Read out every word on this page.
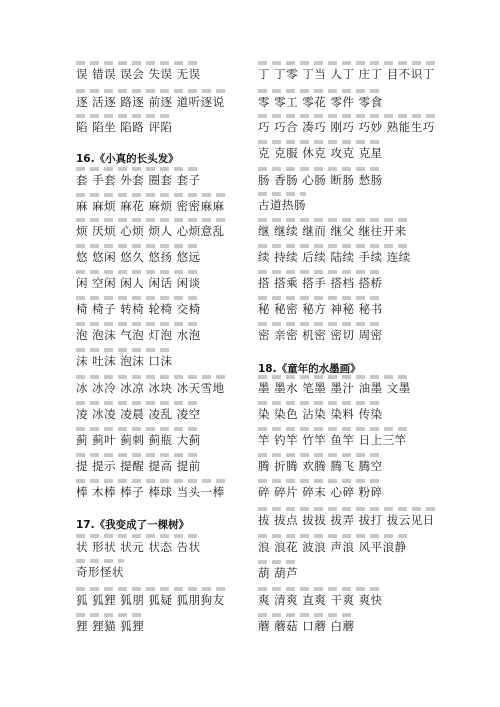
误 错误 误会 失误 无误
逐 活逐 路逐 前逐 道听逐说
陷 陷坐 陷路 评陷
16.《小真的长头发》
套 手套 外套 圈套 套子
麻 麻烦 麻花 麻烦 密密麻麻
烦 厌烦 心烦 烦人 心烦意乱
悠 悠闲 悠久 悠扬 悠远
闲 空闲 闲人 闲话 闲谈
椅 椅子 转椅 轮椅 交椅
泡 泡沫 气泡 灯泡 水泡
沫 吐沫 泡沫 口沫
冰 冰冷 冰凉 冰块 冰天雪地
凌 冰凌 凌晨 凌乱 凌空
蓟 蓟叶 蓟刺 蓟瓶 大蓟
提 提示 提醒 提高 提前
棒 木棒 棒子 棒球 当头一棒
17.《我变成了一棵树》
状 形状 状元 状态 告状
奇形怪状
狐 狐狸 狐朋 狐疑 狐朋狗友
狸 狸猫 狐狸
丁 丁零 丁当 人丁 庄丁 目不识丁
零 零工 零花 零件 零食
巧 巧合 凑巧 刚巧 巧妙 熟能生巧
克 克服 休克 攻克 克星
肠 香肠 心肠 断肠 愁肠
古道热肠
继 继续 继而 继父 继往开来
续 持续 后续 陆续 手续 连续
搭 搭乘 搭手 搭档 搭桥
秘 秘密 秘方 神秘 秘书
密 亲密 机密 密切 周密
18.《童年的水墨画》
墨 墨水 笔墨 墨汁 油墨 文墨
染 染色 沾染 染料 传染
竿 钓竿 竹竿 鱼竿 日上三竿
腾 折腾 欢腾 腾飞 腾空
碎 碎片 碎末 心碎 粉碎
拔 拔点 拔拔 拔弄 拔打 拔云见日
浪 浪花 波浪 声浪 风平浪静
葫 葫芦
爽 清爽 直爽 干爽 爽快
蘑 蘑菇 口蘑 白蘑
